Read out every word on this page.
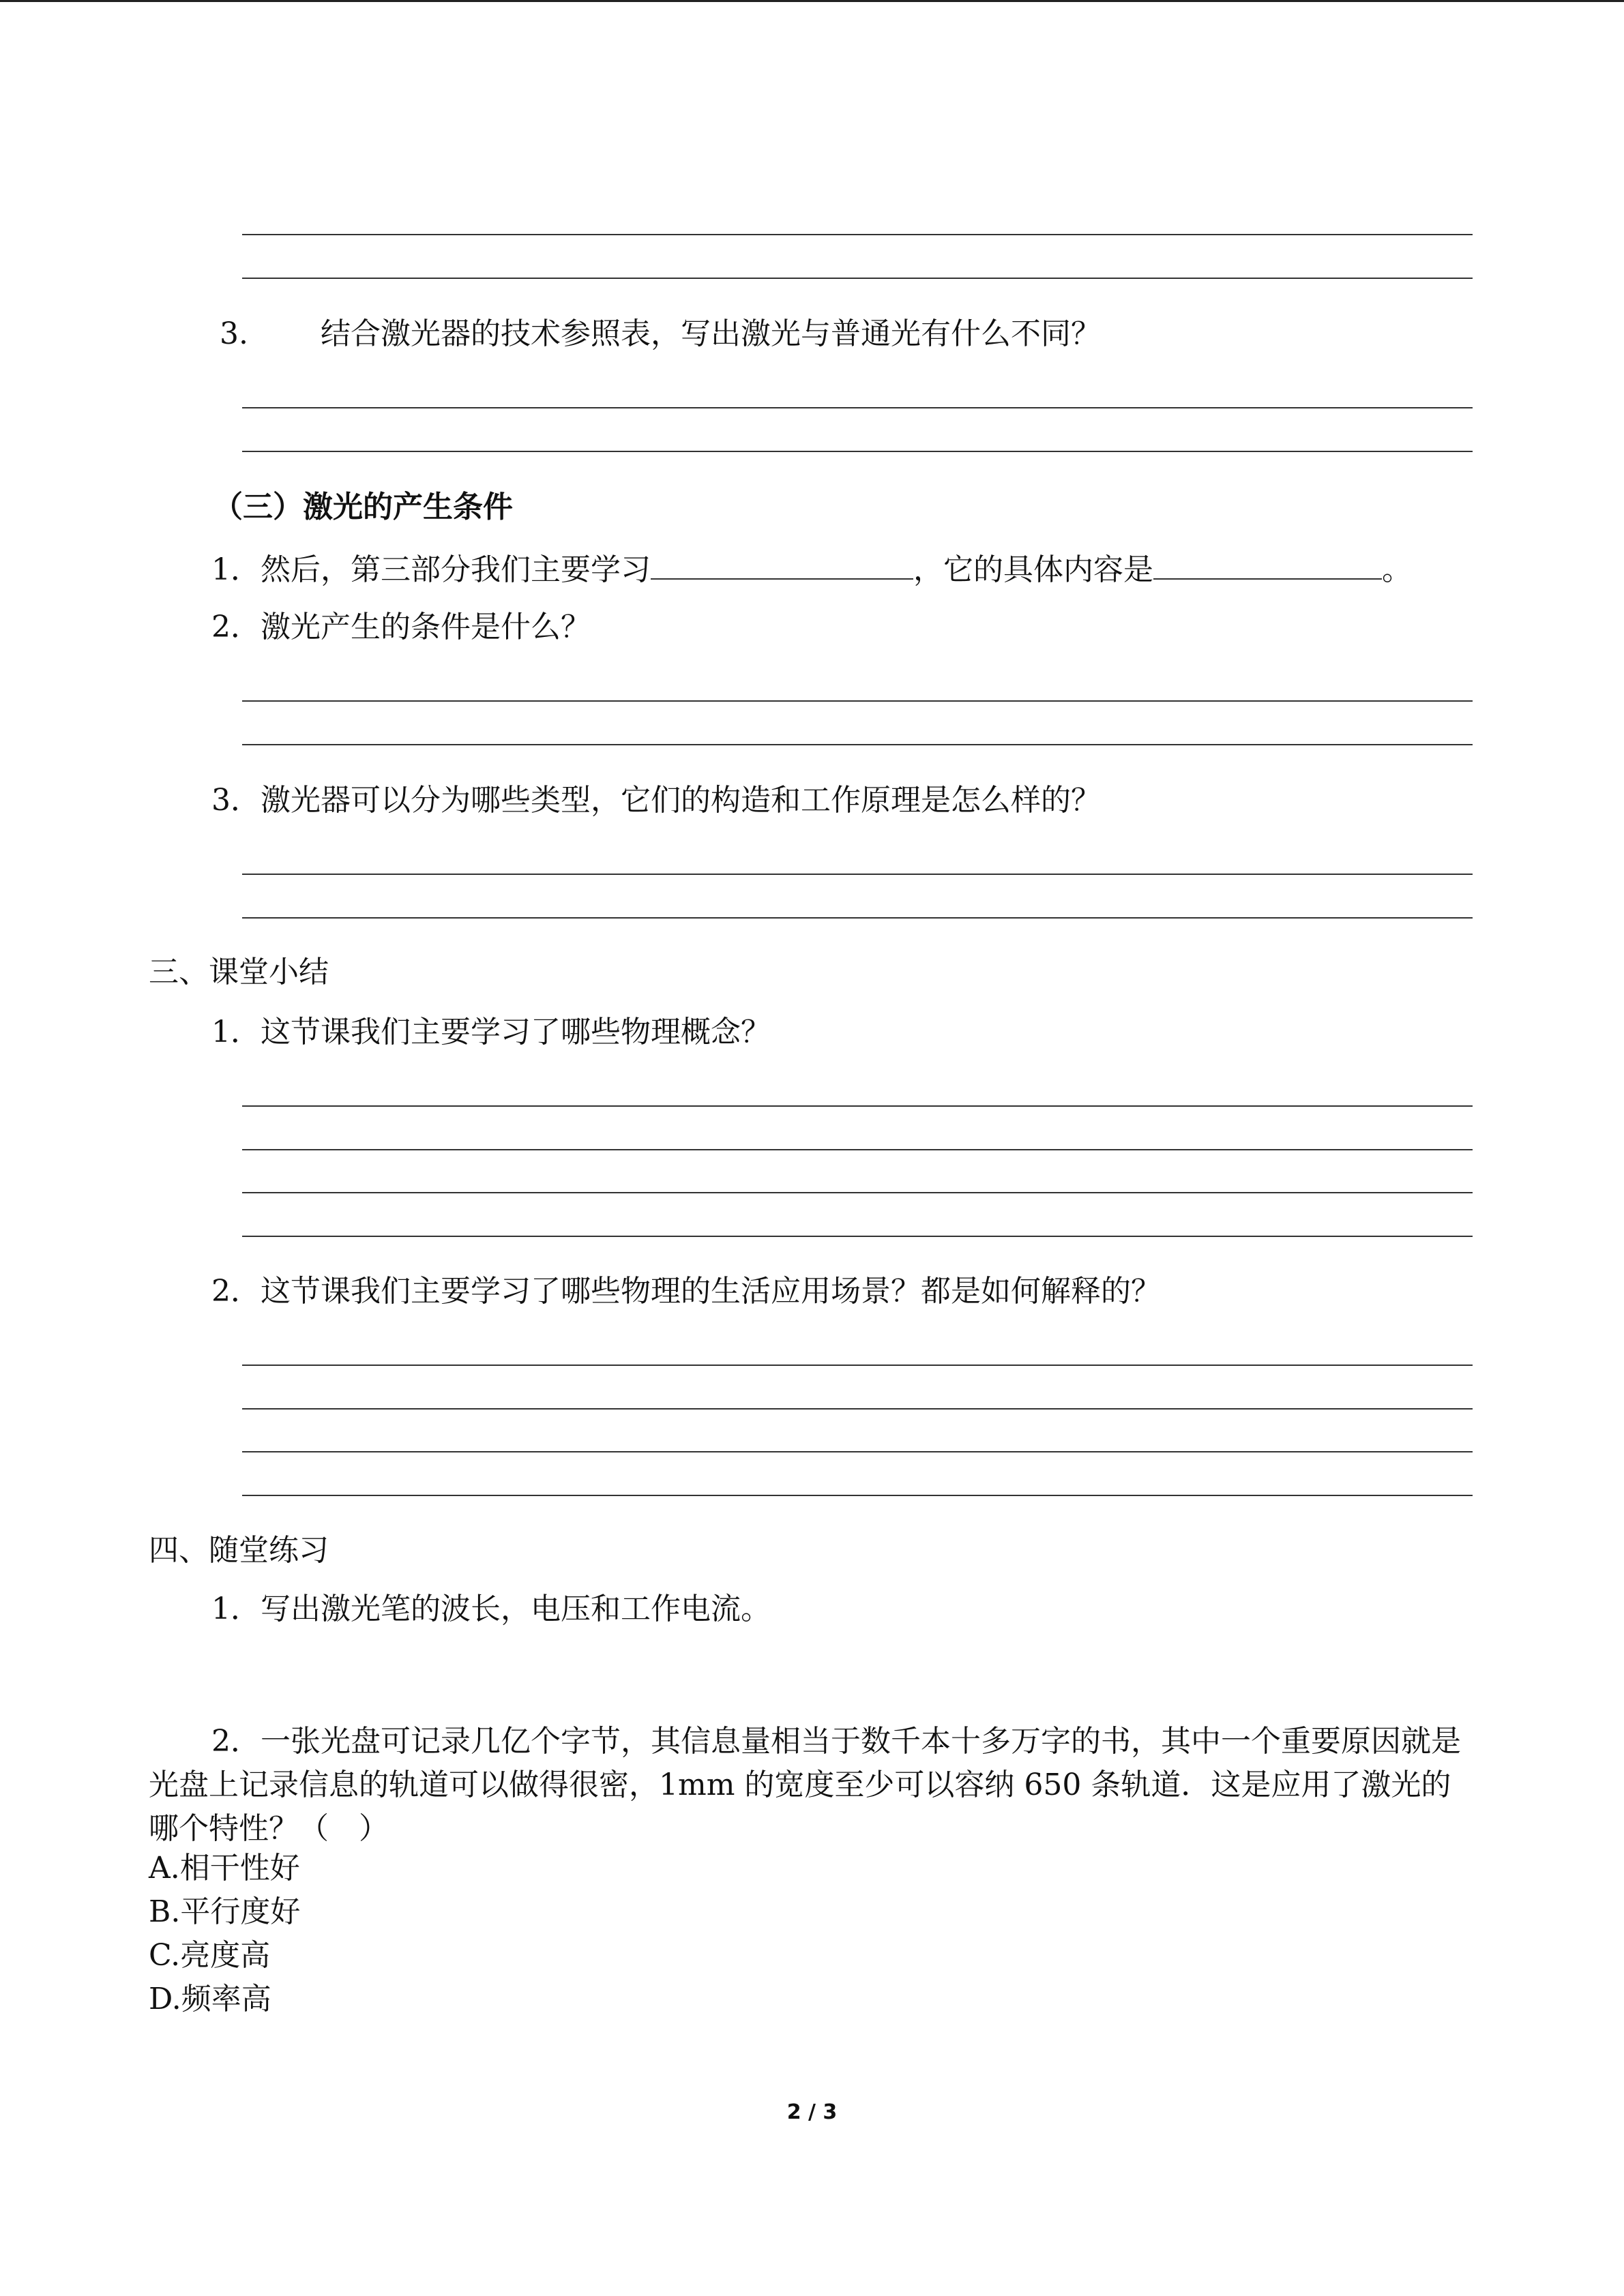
3. 结合激光器的技术参照表，写出激光与普通光有什么不同？
（三）激光的产生条件
1．然后，第三部分我们主要学习	，它的具体内容是	。
2．激光产生的条件是什么？
3．激光器可以分为哪些类型，它们的构造和工作原理是怎么样的？
三、课堂小结
1．这节课我们主要学习了哪些物理概念？
2．这节课我们主要学习了哪些物理的生活应用场景？都是如何解释的？
四、随堂练习
1．写出激光笔的波长，电压和工作电流。
2．一张光盘可记录几亿个字节，其信息量相当于数千本十多万字的书，其中一个重要原因就是光盘上记录信息的轨道可以做得很密，1mm 的宽度至少可以容纳 650 条轨道．这是应用了激光的哪个特性？（　）
A.相干性好
B.平行度好
C.亮度高
D.频率高
2 / 3
